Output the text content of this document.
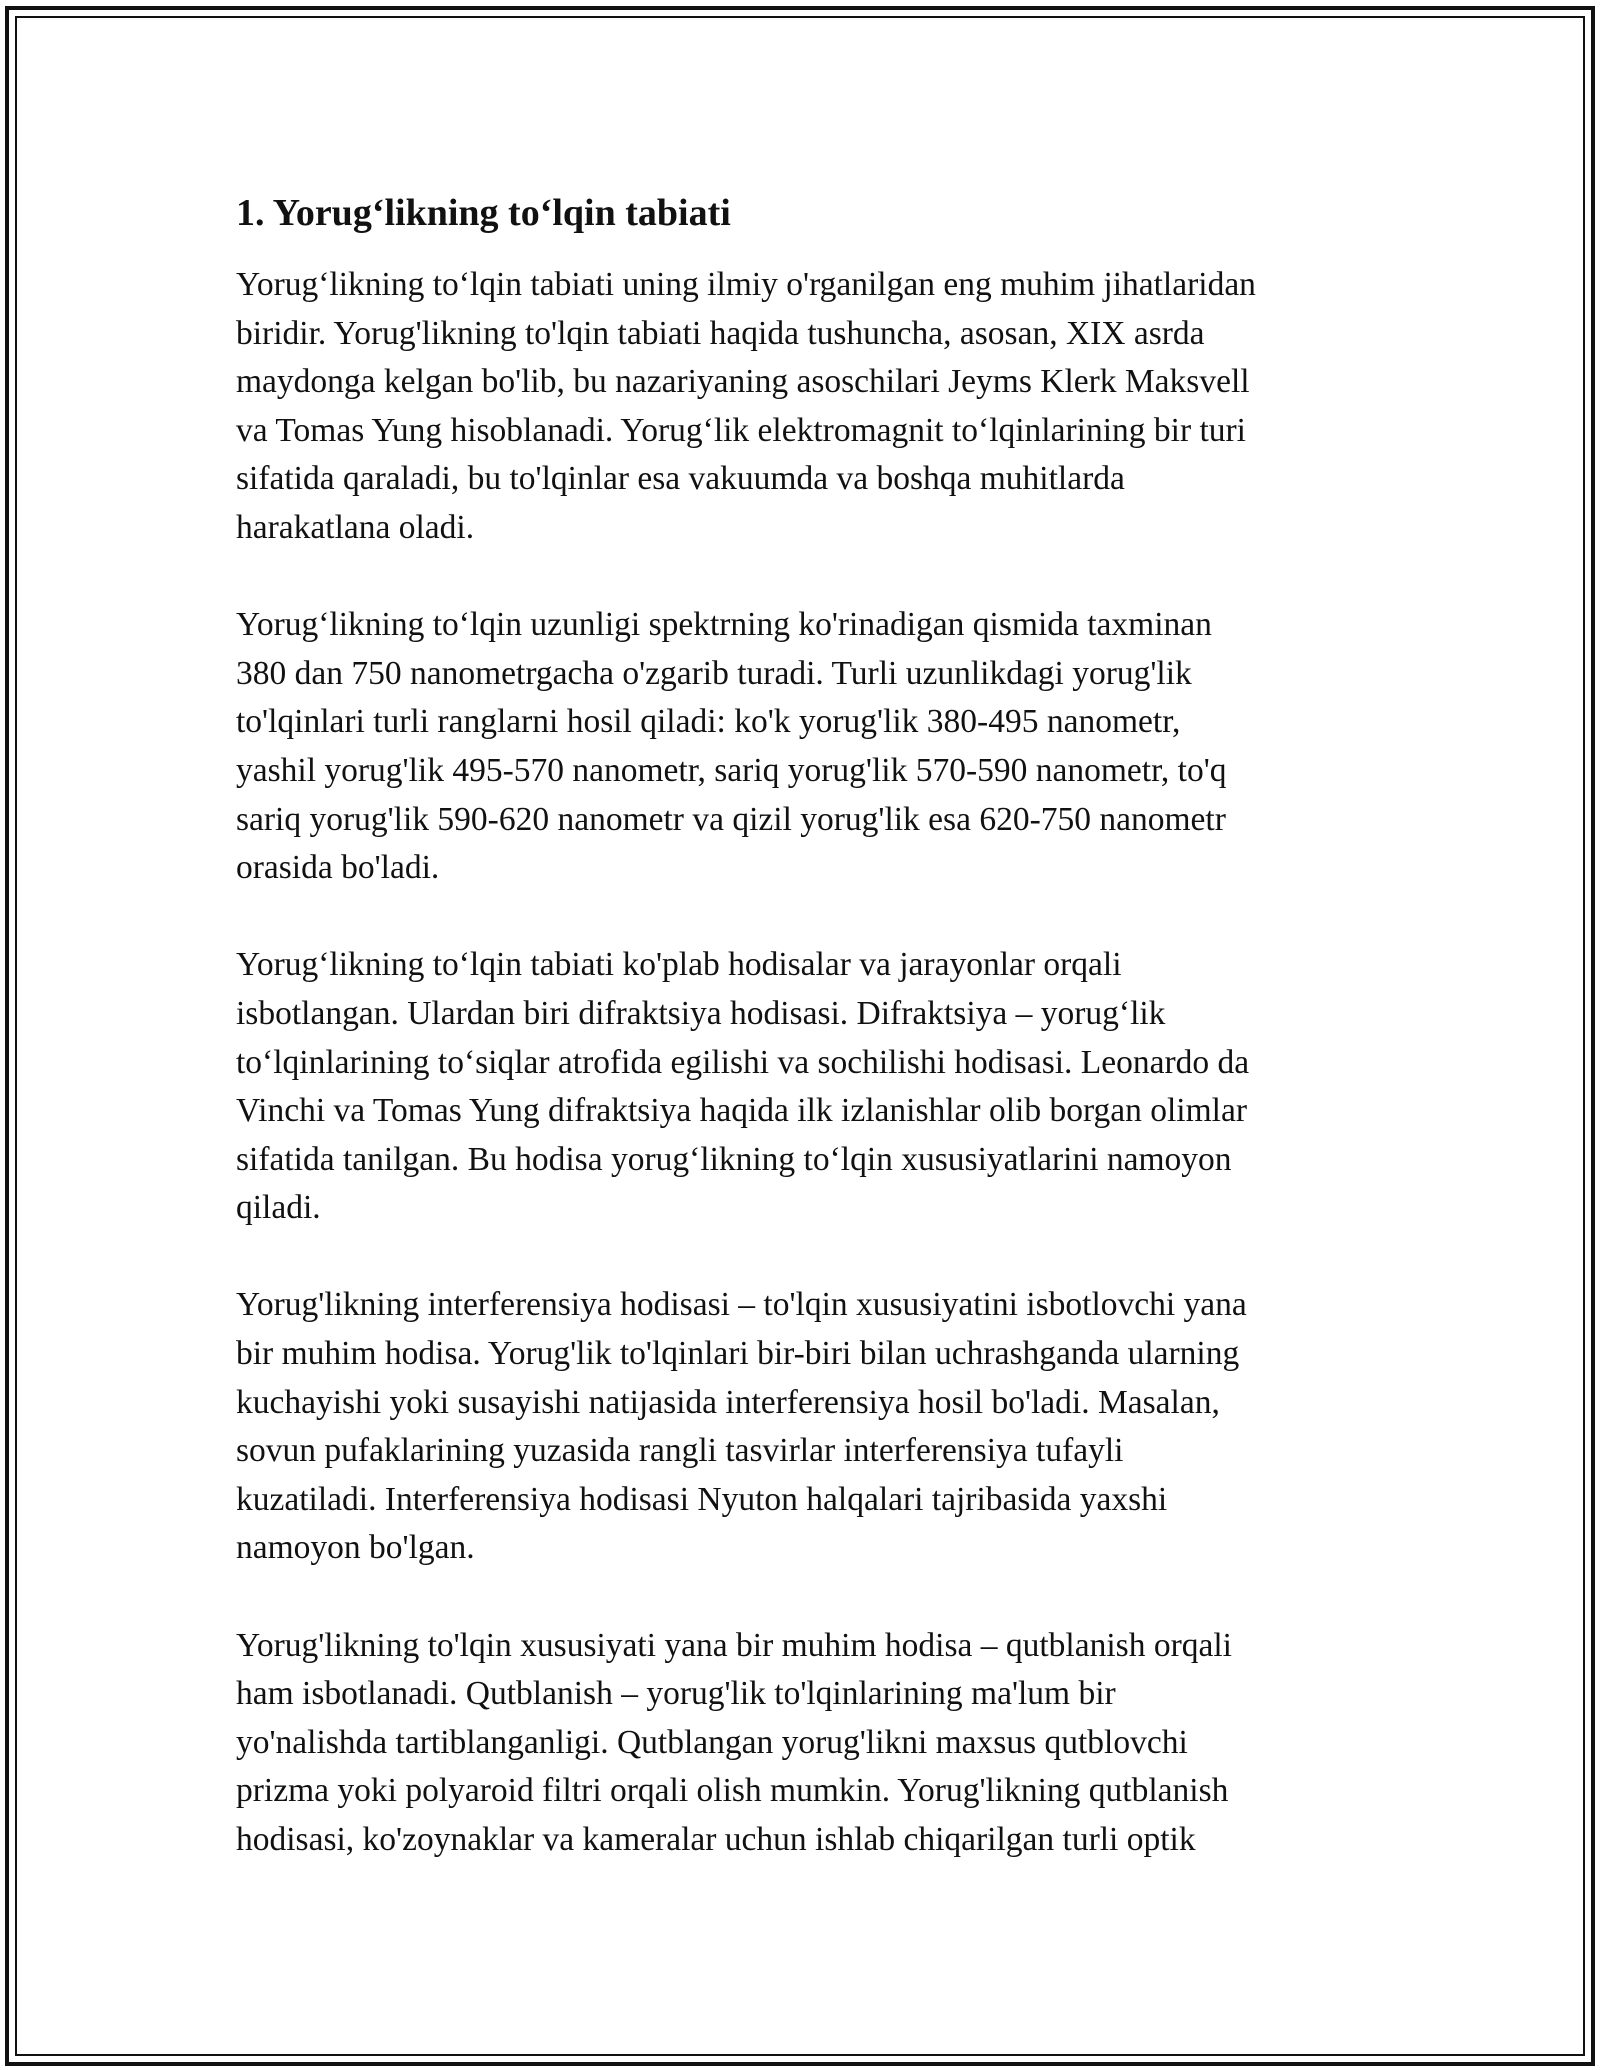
1. Yorug‘likning to‘lqin tabiati
Yorug‘likning to‘lqin tabiati uning ilmiy o'rganilgan eng muhim jihatlaridan
biridir. Yorug'likning to'lqin tabiati haqida tushuncha, asosan, XIX asrda
maydonga kelgan bo'lib, bu nazariyaning asoschilari Jeyms Klerk Maksvell
va Tomas Yung hisoblanadi. Yorug‘lik elektromagnit to‘lqinlarining bir turi
sifatida qaraladi, bu to'lqinlar esa vakuumda va boshqa muhitlarda
harakatlana oladi.
Yorug‘likning to‘lqin uzunligi spektrning ko'rinadigan qismida taxminan
380 dan 750 nanometrgacha o'zgarib turadi. Turli uzunlikdagi yorug'lik
to'lqinlari turli ranglarni hosil qiladi: ko'k yorug'lik 380-495 nanometr,
yashil yorug'lik 495-570 nanometr, sariq yorug'lik 570-590 nanometr, to'q
sariq yorug'lik 590-620 nanometr va qizil yorug'lik esa 620-750 nanometr
orasida bo'ladi.
Yorug‘likning to‘lqin tabiati ko'plab hodisalar va jarayonlar orqali
isbotlangan. Ulardan biri difraktsiya hodisasi. Difraktsiya – yorug‘lik
to‘lqinlarining to‘siqlar atrofida egilishi va sochilishi hodisasi. Leonardo da
Vinchi va Tomas Yung difraktsiya haqida ilk izlanishlar olib borgan olimlar
sifatida tanilgan. Bu hodisa yorug‘likning to‘lqin xususiyatlarini namoyon
qiladi.
Yorug'likning interferensiya hodisasi – to'lqin xususiyatini isbotlovchi yana
bir muhim hodisa. Yorug'lik to'lqinlari bir-biri bilan uchrashganda ularning
kuchayishi yoki susayishi natijasida interferensiya hosil bo'ladi. Masalan,
sovun pufaklarining yuzasida rangli tasvirlar interferensiya tufayli
kuzatiladi. Interferensiya hodisasi Nyuton halqalari tajribasida yaxshi
namoyon bo'lgan.
Yorug'likning to'lqin xususiyati yana bir muhim hodisa – qutblanish orqali
ham isbotlanadi. Qutblanish – yorug'lik to'lqinlarining ma'lum bir
yo'nalishda tartiblanganligi. Qutblangan yorug'likni maxsus qutblovchi
prizma yoki polyaroid filtri orqali olish mumkin. Yorug'likning qutblanish
hodisasi, ko'zoynaklar va kameralar uchun ishlab chiqarilgan turli optik
